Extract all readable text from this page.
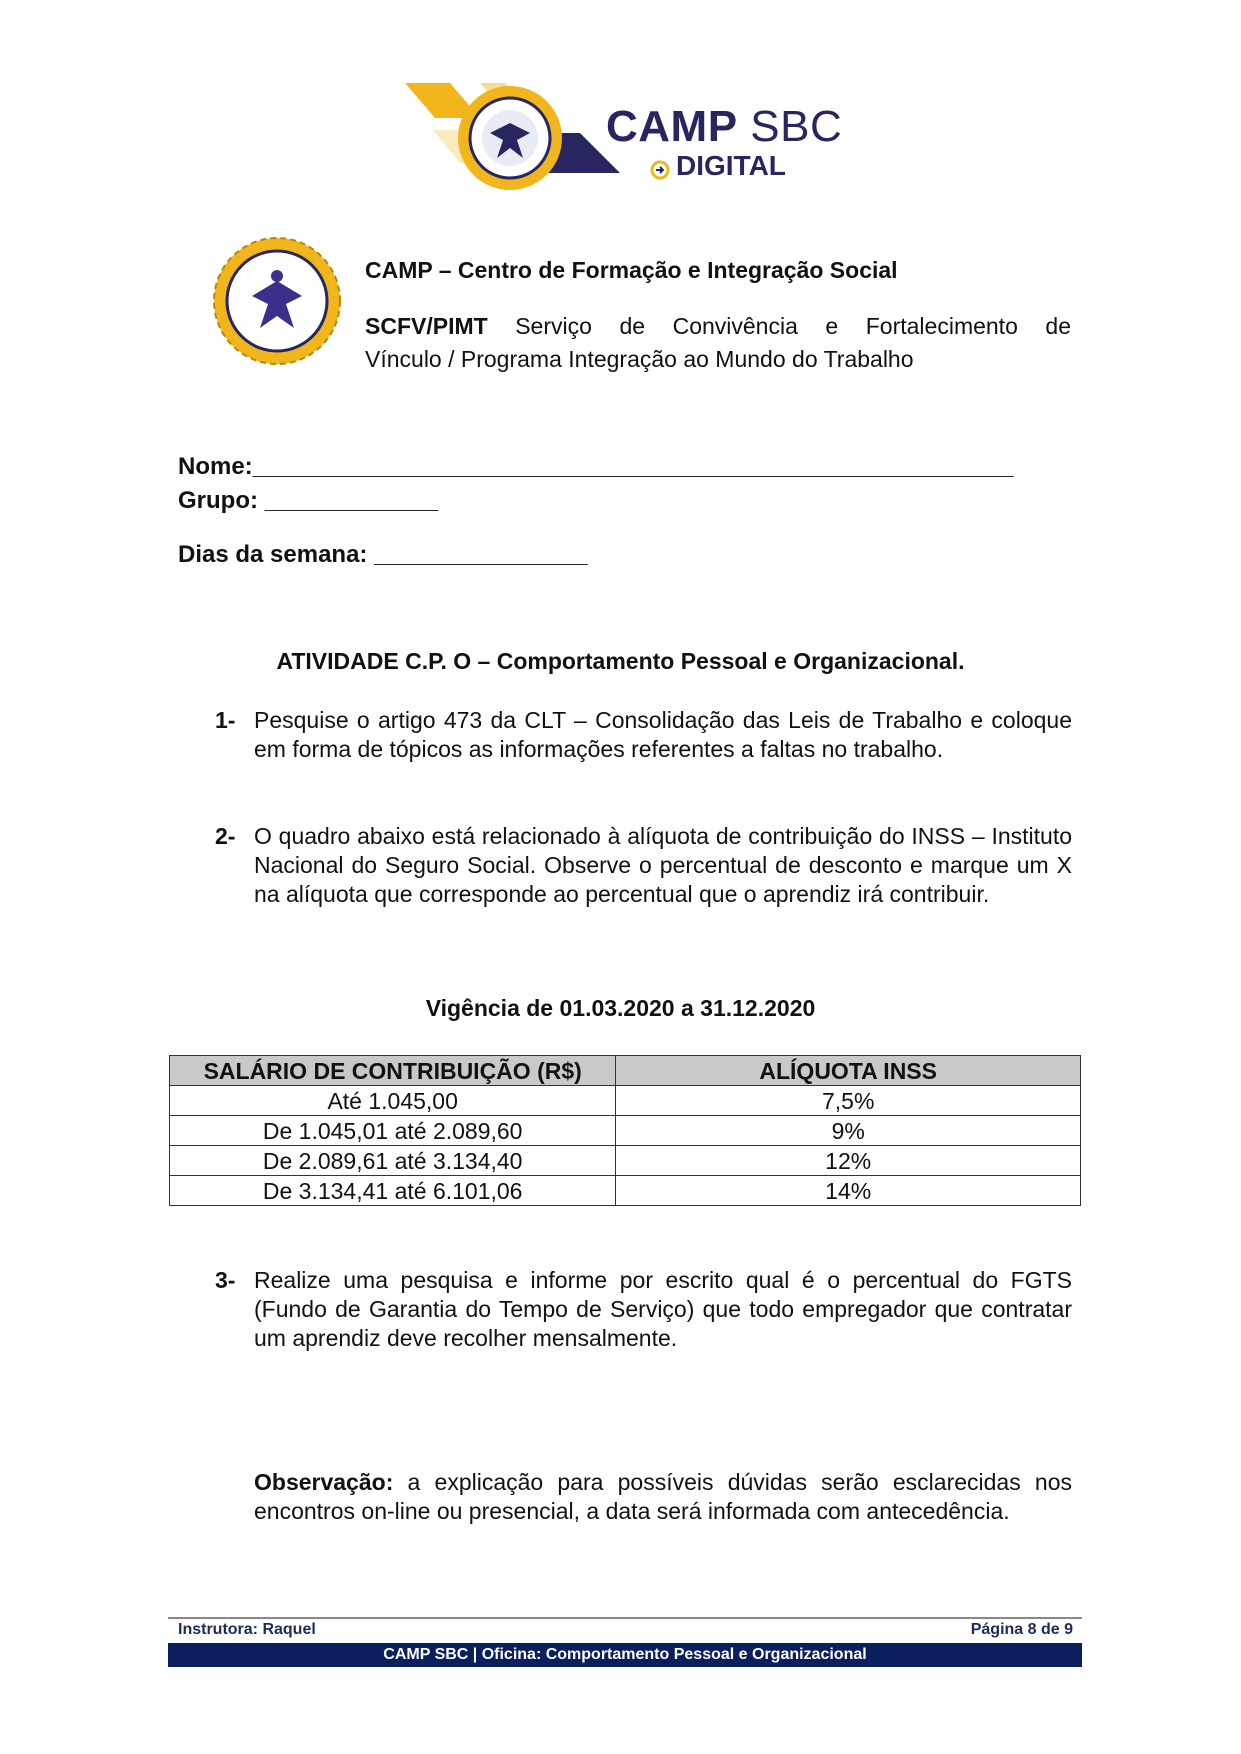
CAMP SBC
DIGITAL
CAMP – Centro de Formação e Integração Social
SCFV/PIMT Serviço de Convivência e Fortalecimento de
Vínculo / Programa Integração ao Mundo do Trabalho
Nome:_________________________________________________________
Grupo: _____________
Dias da semana: ________________
ATIVIDADE C.P. O – Comportamento Pessoal e Organizacional.
1- Pesquise o artigo 473 da CLT – Consolidação das Leis de Trabalho e coloque em forma de tópicos as informações referentes a faltas no trabalho.
2- O quadro abaixo está relacionado à alíquota de contribuição do INSS – Instituto Nacional do Seguro Social. Observe o percentual de desconto e marque um X na alíquota que corresponde ao percentual que o aprendiz irá contribuir.
Vigência de 01.03.2020 a 31.12.2020
SALÁRIO DE CONTRIBUIÇÃO (R$)	ALÍQUOTA INSS
Até 1.045,00	7,5%
De 1.045,01 até 2.089,60	9%
De 2.089,61 até 3.134,40	12%
De 3.134,41 até 6.101,06	14%
3- Realize uma pesquisa e informe por escrito qual é o percentual do FGTS (Fundo de Garantia do Tempo de Serviço) que todo empregador que contratar um aprendiz deve recolher mensalmente.
Observação: a explicação para possíveis dúvidas serão esclarecidas nos encontros on-line ou presencial, a data será informada com antecedência.
Instrutora: Raquel	Página 8 de 9
CAMP SBC | Oficina: Comportamento Pessoal e Organizacional
